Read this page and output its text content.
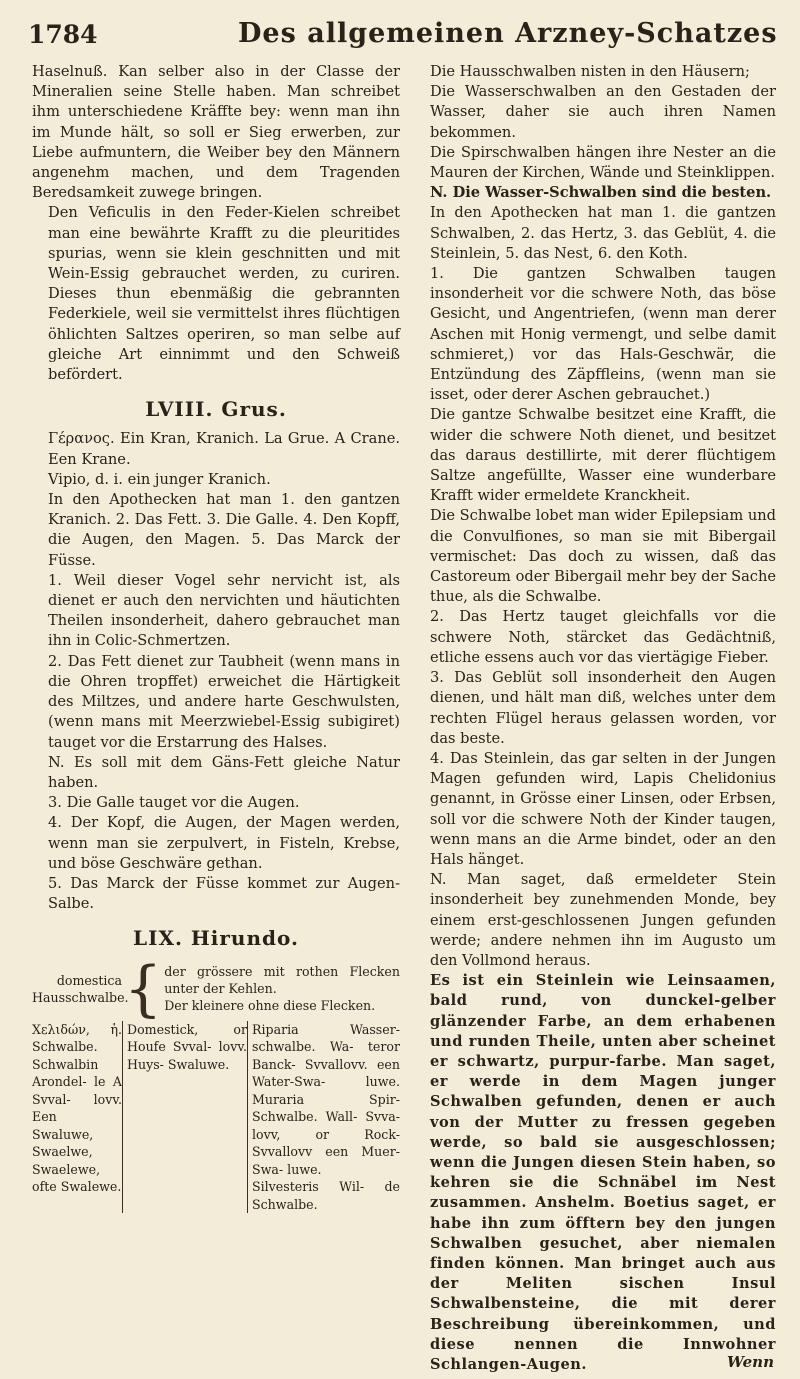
1784	Des allgemeinen Arzney-Schatzes

Haselnuß. Kan selber also in der Classe der Mineralien seine Stelle haben. Man schreibet ihm unterschiedene Kräffte bey: wenn man ihn im Munde hält, so soll er Sieg erwerben, zur Liebe aufmuntern, die Weiber bey den Männern angenehm machen, und dem Tragenden Beredsamkeit zuwege bringen.

Den Veficulis in den Feder-Kielen schreibet man eine bewährte Krafft zu die pleuritides spurias, wenn sie klein geschnitten und mit Wein-Essig gebrauchet werden, zu curiren. Dieses thun ebenmäßig die gebrannten Federkiele, weil sie vermittelst ihres flüchtigen öhlichten Saltzes operiren, so man selbe auf gleiche Art einnimmt und den Schweiß befördert.

LVIII. Grus.

Γέρανος. Ein Kran, Kranich. La Grue. A Crane. Een Krane.

Vipio, d. i. ein junger Kranich.

In den Apothecken hat man 1. den gantzen Kranich. 2. Das Fett. 3. Die Galle. 4. Den Kopff, die Augen, den Magen. 5. Das Marck der Füsse.

1. Weil dieser Vogel sehr nervicht ist, als dienet er auch den nervichten und häutichten Theilen insonderheit, dahero gebrauchet man ihn in Colic-Schmertzen.

2. Das Fett dienet zur Taubheit (wenn mans in die Ohren tropffet) erweichet die Härtigkeit des Miltzes, und andere harte Geschwulsten, (wenn mans mit Meerzwiebel-Essig subigiret) tauget vor die Erstarrung des Halses.

N. Es soll mit dem Gäns-Fett gleiche Natur haben.

3. Die Galle tauget vor die Augen.

4. Der Kopf, die Augen, der Magen werden, wenn man sie zerpulvert, in Fisteln, Krebse, und böse Geschwäre gethan.

5. Das Marck der Füsse kommet zur Augen-Salbe.

LIX. Hirundo.
domestica
Hausschwalbe.
{ der grössere mit rothen Flecken unter der Kehlen.
Der kleinere ohne diese Flecken.
Χελιδών, ἡ. Schwalbe. Schwalbin Arondel- le A Svval- lovv. Een Swaluwe, Swaelwe, Swaelewe, ofte Swalewe.
Domestick, or Houfe Svval- lovv. Huys- Swaluwe.
Riparia Wasser- schwalbe. Wa- teror Banck- Svvallovv. een Water-Swa- luwe. Muraria Spir- Schwalbe. Wall- Svva- lovv, or Rock- Svvallovv een Muer-Swa- luwe.
Silvesteris Wil- de Schwalbe.

Die Hausschwalben nisten in den Häusern;

Die Wasserschwalben an den Gestaden der Wasser, daher sie auch ihren Namen bekommen.

Die Spirschwalben hängen ihre Nester an die Mauren der Kirchen, Wände und Steinklippen.

N. Die Wasser-Schwalben sind die besten.

In den Apothecken hat man 1. die gantzen Schwalben, 2. das Hertz, 3. das Geblüt, 4. die Steinlein, 5. das Nest, 6. den Koth.

1. Die gantzen Schwalben taugen insonderheit vor die schwere Noth, das böse Gesicht, und Angentriefen, (wenn man derer Aschen mit Honig vermengt, und selbe damit schmieret,) vor das Hals-Geschwär, die Entzündung des Zäpffleins, (wenn man sie isset, oder derer Aschen gebrauchet.)

Die gantze Schwalbe besitzet eine Krafft, die wider die schwere Noth dienet, und besitzet das daraus destillirte, mit derer flüchtigem Saltze angefüllte, Wasser eine wunderbare Krafft wider ermeldete Kranckheit.

Die Schwalbe lobet man wider Epilepsiam und die Convulfiones, so man sie mit Bibergail vermischet: Das doch zu wissen, daß das Castoreum oder Bibergail mehr bey der Sache thue, als die Schwalbe.

2. Das Hertz tauget gleichfalls vor die schwere Noth, stärcket das Gedächtniß, etliche essens auch vor das viertägige Fieber.

3. Das Geblüt soll insonderheit den Augen dienen, und hält man diß, welches unter dem rechten Flügel heraus gelassen worden, vor das beste.

4. Das Steinlein, das gar selten in der Jungen Magen gefunden wird, Lapis Chelidonius genannt, in Grösse einer Linsen, oder Erbsen, soll vor die schwere Noth der Kinder taugen, wenn mans an die Arme bindet, oder an den Hals hänget.

N. Man saget, daß ermeldeter Stein insonderheit bey zunehmenden Monde, bey einem erst-geschlossenen Jungen gefunden werde; andere nehmen ihn im Augusto um den Vollmond heraus.

Es ist ein Steinlein wie Leinsaamen, bald rund, von dunckel-gelber glänzender Farbe, an dem erhabenen und runden Theile, unten aber scheinet er schwartz, purpur-farbe. Man saget, er werde in dem Magen junger Schwalben gefunden, denen er auch von der Mutter zu fressen gegeben werde, so bald sie ausgeschlossen; wenn die Jungen diesen Stein haben, so kehren sie die Schnäbel im Nest zusammen. Anshelm. Boetius saget, er habe ihn zum öfftern bey den jungen Schwalben gesuchet, aber niemalen finden können. Man bringet auch aus der Meliten sischen Insul Schwalbensteine, die mit derer Beschreibung übereinkommen, und diese nennen die Innwohner Schlangen-Augen.	Wenn
